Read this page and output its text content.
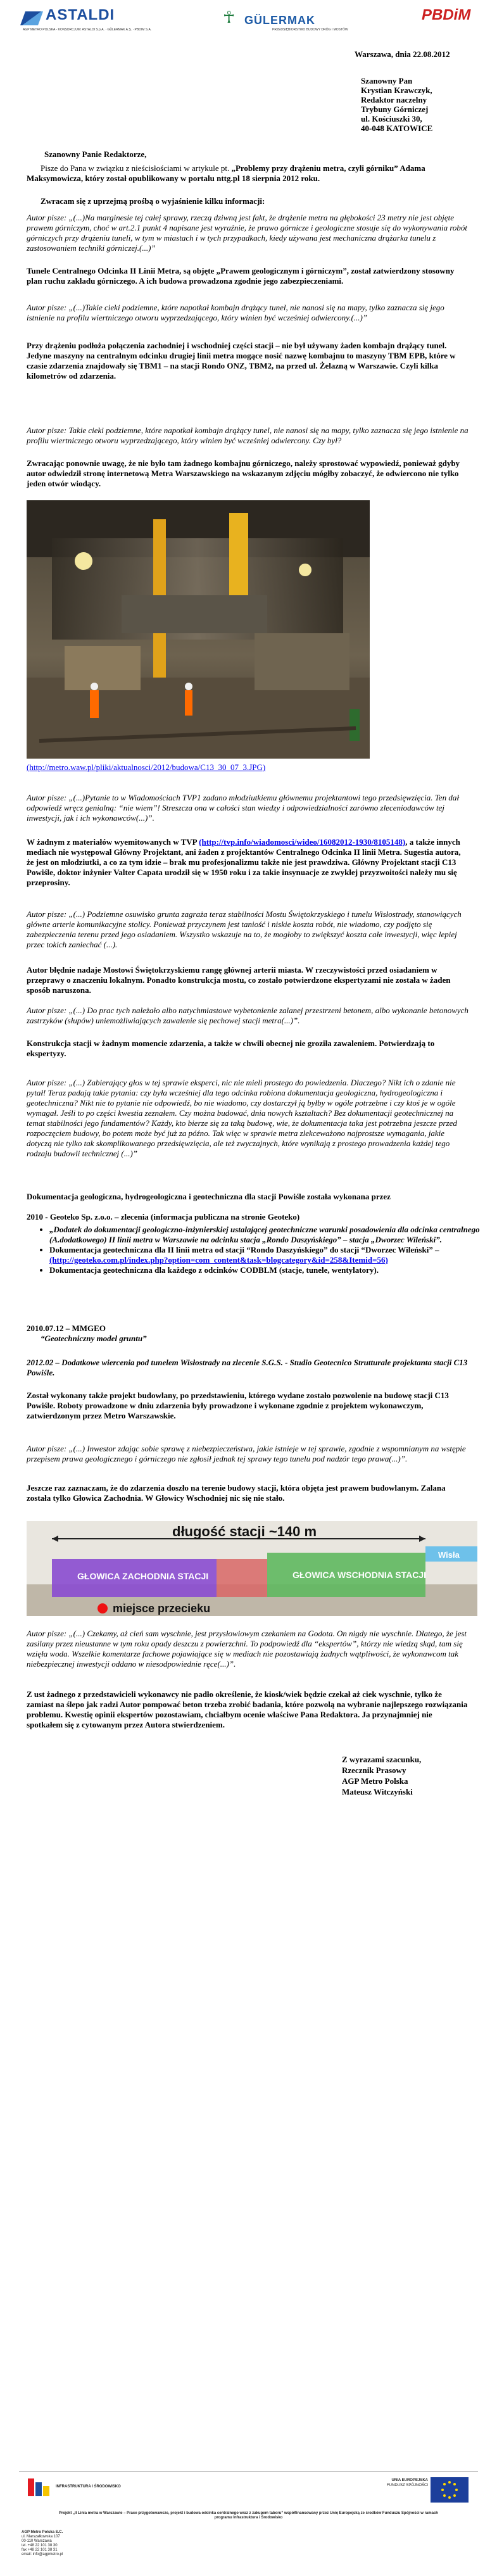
ASTALDI
AGP METRO POLSKA - KONSORCJUM: ASTALDI S.p.A. · GÜLERMAK A.Ş. · PBDIM S.A.
☥ GÜLERMAK
PRZEDSIĘBIORSTWO BUDOWY DRÓG I MOSTÓW
PBDiM
Warszawa, dnia 22.08.2012
Szanowny Pan
Krystian Krawczyk,
Redaktor naczelny
Trybuny Górniczej
ul. Kościuszki 30,
40-048 KATOWICE

Szanowny Panie Redaktorze,

Pisze do Pana w związku z nieścisłościami w artykule pt. „Problemy przy drążeniu metra, czyli górniku” Adama Maksymowicza, który został opublikowany w portalu nttg.pl 18 sierpnia 2012 roku.

Zwracam się z uprzejmą prośbą o wyjaśnienie kilku informacji:

Autor pisze: „(...)Na marginesie tej całej sprawy, rzeczą dziwną jest fakt, że drążenie metra na głębokości 23 metry nie jest objęte prawem górniczym, choć w art.2.1 punkt 4 napisane jest wyraźnie, że prawo górnicze i geologiczne stosuje się do wykonywania robót górniczych przy drążeniu tuneli, w tym w miastach i w tych przypadkach, kiedy używana jest mechaniczna drążarka tunelu z zastosowaniem techniki górniczej.(...)”

Tunele Centralnego Odcinka II Linii Metra, są objęte „Prawem geologicznym i górniczym”, został zatwierdzony stosowny plan ruchu zakładu górniczego. A ich budowa prowadzona zgodnie jego zabezpieczeniami.

Autor pisze: „(...)Takie cieki podziemne, które napotkał kombajn drążący tunel, nie nanosi się na mapy, tylko zaznacza się jego istnienie na profilu wiertniczego otworu wyprzedzającego, który winien być wcześniej odwiercony.(...)”

Przy drążeniu podłoża połączenia zachodniej i wschodniej części stacji – nie był używany żaden kombajn drążący tunel. Jedyne maszyny na centralnym odcinku drugiej linii metra mogące nosić nazwę kombajnu to maszyny TBM EPB, które w czasie zdarzenia znajdowały się TBM1 – na stacji Rondo ONZ, TBM2, na przed ul. Żelazną w Warszawie. Czyli kilka kilometrów od zdarzenia.

Autor pisze: Takie cieki podziemne, które napotkał kombajn drążący tunel, nie nanosi się na mapy, tylko zaznacza się jego istnienie na profilu wiertniczego otworu wyprzedzającego, który winien być wcześniej odwiercony. Czy był?

Zwracając ponownie uwagę, że nie było tam żadnego kombajnu górniczego, należy sprostować wypowiedź, ponieważ gdyby autor odwiedził stronę internetową Metra Warszawskiego na wskazanym zdjęciu mógłby zobaczyć, że odwiercono nie tylko jeden otwór wiodący.

(http://metro.waw.pl/pliki/aktualnosci/2012/budowa/C13_30_07_3.JPG)

Autor pisze: „(...)Pytanie to w Wiadomościach TVP1 zadano młodziutkiemu głównemu projektantowi tego przedsięwzięcia. Ten dał odpowiedź wręcz genialną: “nie wiem”! Streszcza ona w całości stan wiedzy i odpowiedzialności zarówno zleceniodawców tej inwestycji, jak i ich wykonawców(...)”.

W żadnym z materiałów wyemitowanych w TVP (http://tvp.info/wiadomosci/wideo/16082012-1930/8105148), a także innych mediach nie występował Główny Projektant, ani żaden z projektantów Centralnego Odcinka II linii Metra. Sugestia autora, że jest on młodziutki, a co za tym idzie – brak mu profesjonalizmu także nie jest prawdziwa. Główny Projektant stacji C13 Powiśle, doktor inżynier Valter Capata urodził się w 1950 roku i za takie insynuacje ze zwykłej przyzwoitości należy mu się przeprosiny.

Autor pisze: „(...) Podziemne osuwisko grunta zagraża teraz stabilności Mostu Świętokrzyskiego i tunelu Wisłostrady, stanowiących główne arterie komunikacyjne stolicy. Ponieważ przyczynem jest taniość i niskie koszta robót, nie wiadomo, czy podjęto się zabezpieczenia terenu przed jego osiadaniem. Wszystko wskazuje na to, że mogłoby to zwiększyć koszta całe inwestycji, więc lepiej przec tokich zaniechać (...).

Autor błędnie nadaje Mostowi Świętokrzyskiemu rangę głównej arterii miasta. W rzeczywistości przed osiadaniem w przeprawy o znaczeniu lokalnym. Ponadto konstrukcja mostu, co zostało potwierdzone ekspertyzami nie została w żaden sposób naruszona.

Autor pisze: „(...) Do prac tych należało albo natychmiastowe wybetonienie zalanej przestrzeni betonem, albo wykonanie betonowych zastrzyków (słupów) uniemożliwiających zawalenie się pechowej stacji metra(...)”.

Konstrukcja stacji w żadnym momencie zdarzenia, a także w chwili obecnej nie groziła zawaleniem. Potwierdzają to ekspertyzy.

Autor pisze: „(...) Zabierający głos w tej sprawie eksperci, nic nie mieli prostego do powiedzenia. Dlaczego? Nikt ich o zdanie nie pytał! Teraz padają takie pytania: czy była wcześniej dla tego odcinka robiona dokumentacja geologiczna, hydrogeologiczna i geotechniczna? Nikt nie to pytanie nie odpowiedź, bo nie wiadomo, czy dostarczył ją byłby w ogóle potrzebne i czy ktoś je w ogóle wymagał. Jeśli to po części kwestia zeznałem. Czy można budować, dnia nowych ksztaltach? Bez dokumentacji geotechnicznej na temat stabilności jego fundamentów? Każdy, kto bierze się za taką budowę, wie, że dokumentacja taka jest potrzebna jeszcze przed rozpoczęciem budowy, bo potem może być już za późno. Tak więc w sprawie metra zlekceważono najprostsze wymagania, jakie dotyczą nie tylko tak skomplikowanego przedsięwzięcia, ale też zwyczajnych, które wynikają z prostego prowadzenia każdej tego rodzaju budowli technicznej (...)”

Dokumentacja geologiczna, hydrogeologiczna i geotechniczna dla stacji Powiśle została wykonana przez

2010 - Geoteko Sp. z.o.o. – zlecenia (informacja publiczna na stronie Geoteko)

• „Dodatek do dokumentacji geologiczno-inżynierskiej ustalającej geotechniczne warunki posadowienia dla odcinka centralnego (A.dodatkowego) II linii metra w Warszawie na odcinku stacja „Rondo Daszyńskiego” – stacja „Dworzec Wileński”.
• Dokumentacja geotechniczna dla II linii metra od stacji “Rondo Daszyńskiego” do stacji “Dworzec Wileński” – (http://geoteko.com.pl/index.php?option=com_content&task=blogcategory&id=258&Itemid=56)
• Dokumentacja geotechniczna dla każdego z odcinków CODBLM (stacje, tunele, wentylatory).

2010.07.12 – MMGEO

“Geotechniczny model gruntu”

2012.02 – Dodatkowe wiercenia pod tunelem Wisłostrady na zlecenie S.G.S. - Studio Geotecnico Strutturale projektanta stacji C13 Powiśle.

Został wykonany także projekt budowlany, po przedstawieniu, którego wydane zostało pozwolenie na budowę stacji C13 Powiśle. Roboty prowadzone w dniu zdarzenia były prowadzone i wykonane zgodnie z projektem wykonawczym, zatwierdzonym przez Metro Warszawskie.

Autor pisze: „(...) Inwestor zdając sobie sprawę z niebezpieczeństwa, jakie istnieje w tej sprawie, zgodnie z wspomnianym na wstępie przepisem prawa geologicznego i górniczego nie zgłosił jednak tej sprawy tego tunelu pod nadzór tego prawa(...)”.

Jeszcze raz zaznaczam, że do zdarzenia doszło na terenie budowy stacji, która objęta jest prawem budowlanym. Zalana została tylko Głowica Zachodnia. W Głowicy Wschodniej nic się nie stało.

długość stacji ~140 m
GŁOWICA ZACHODNIA STACJI	GŁOWICA WSCHODNIA STACJI
Wisła
miejsce przecieku

Autor pisze: „(...) Czekamy, aż cień sam wyschnie, jest przysłowiowym czekaniem na Godota. On nigdy nie wyschnie. Dlatego, że jest zasilany przez nieustanne w tym roku opady deszczu z powierzchni. To podpowiedź dla “ekspertów”, którzy nie wiedzą skąd, tam się wzięła woda. Wszelkie komentarze fachowe pojawiające się w mediach nie pozostawiają żadnych wątpliwości, że wykonawcom tak niebezpiecznej inwestycji oddano w niesodpowiednie ręce(...)”.

Z ust żadnego z przedstawicieli wykonawcy nie padło określenie, że kiosk/wiek będzie czekał aż ciek wyschnie, tylko że zamiast na ślepo jak radzi Autor pompować beton trzeba zrobić badania, które pozwolą na wybranie najlepszego rozwiązania problemu. Kwestię opinii ekspertów pozostawiam, chciałbym ocenie właściwe Pana Redaktora. Ja przynajmniej nie spotkałem się z cytowanym przez Autora stwierdzeniem.

Z wyrazami szacunku,
Rzecznik Prasowy
AGP Metro Polska
Mateusz Witczyński
INFRASTRUKTURA I ŚRODOWISKO
UNIA EUROPEJSKA
FUNDUSZ SPÓJNOŚCI
Projekt „II Linia metra w Warszawie – Prace przygotowawcze, projekt i budowa odcinka centralnego wraz z zakupem taboru” współfinansowany przez Unię Europejską ze środków Funduszu Spójności w ramach programu Infrastruktura i Środowisko
AGP Metro Polska S.C.
ul. Marszałkowska 107
00-110 Warszawa
tel. +48 22 101 38 30
fax +48 22 101 38 31
email: info@agpmetro.pl
